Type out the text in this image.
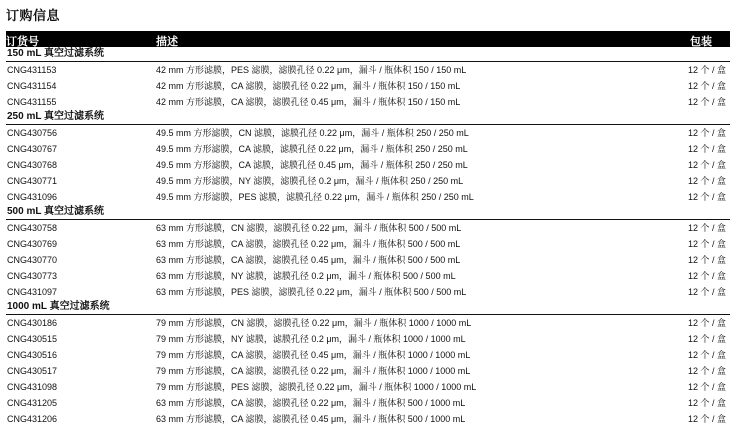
订购信息
订货号	描述	包装
150 mL 真空过滤系统
CNG431153	42 mm 方形滤膜，PES 滤膜，滤膜孔径 0.22 μm，漏斗 / 瓶体积 150 / 150 mL	12 个 / 盒
CNG431154	42 mm 方形滤膜，CA 滤膜，滤膜孔径 0.22 μm，漏斗 / 瓶体积 150 / 150 mL	12 个 / 盒
CNG431155	42 mm 方形滤膜，CA 滤膜，滤膜孔径 0.45 μm，漏斗 / 瓶体积 150 / 150 mL	12 个 / 盒
250 mL 真空过滤系统
CNG430756	49.5 mm 方形滤膜，CN 滤膜，滤膜孔径 0.22 μm，漏斗 / 瓶体积 250 / 250 mL	12 个 / 盒
CNG430767	49.5 mm 方形滤膜，CA 滤膜，滤膜孔径 0.22 μm，漏斗 / 瓶体积 250 / 250 mL	12 个 / 盒
CNG430768	49.5 mm 方形滤膜，CA 滤膜，滤膜孔径 0.45 μm，漏斗 / 瓶体积 250 / 250 mL	12 个 / 盒
CNG430771	49.5 mm 方形滤膜，NY 滤膜，滤膜孔径 0.2 μm，漏斗 / 瓶体积 250 / 250 mL	12 个 / 盒
CNG431096	49.5 mm 方形滤膜，PES 滤膜，滤膜孔径 0.22 μm，漏斗 / 瓶体积 250 / 250 mL	12 个 / 盒
500 mL 真空过滤系统
CNG430758	63 mm 方形滤膜，CN 滤膜，滤膜孔径 0.22 μm，漏斗 / 瓶体积 500 / 500 mL	12 个 / 盒
CNG430769	63 mm 方形滤膜，CA 滤膜，滤膜孔径 0.22 μm，漏斗 / 瓶体积 500 / 500 mL	12 个 / 盒
CNG430770	63 mm 方形滤膜，CA 滤膜，滤膜孔径 0.45 μm，漏斗 / 瓶体积 500 / 500 mL	12 个 / 盒
CNG430773	63 mm 方形滤膜，NY 滤膜，滤膜孔径 0.2 μm，漏斗 / 瓶体积 500 / 500 mL	12 个 / 盒
CNG431097	63 mm 方形滤膜，PES 滤膜，滤膜孔径 0.22 μm，漏斗 / 瓶体积 500 / 500 mL	12 个 / 盒
1000 mL 真空过滤系统
CNG430186	79 mm 方形滤膜，CN 滤膜，滤膜孔径 0.22 μm，漏斗 / 瓶体积 1000 / 1000 mL	12 个 / 盒
CNG430515	79 mm 方形滤膜，NY 滤膜，滤膜孔径 0.2 μm，漏斗 / 瓶体积 1000 / 1000 mL	12 个 / 盒
CNG430516	79 mm 方形滤膜，CA 滤膜，滤膜孔径 0.45 μm，漏斗 / 瓶体积 1000 / 1000 mL	12 个 / 盒
CNG430517	79 mm 方形滤膜，CA 滤膜，滤膜孔径 0.22 μm，漏斗 / 瓶体积 1000 / 1000 mL	12 个 / 盒
CNG431098	79 mm 方形滤膜，PES 滤膜，滤膜孔径 0.22 μm，漏斗 / 瓶体积 1000 / 1000 mL	12 个 / 盒
CNG431205	63 mm 方形滤膜，CA 滤膜，滤膜孔径 0.22 μm，漏斗 / 瓶体积 500 / 1000 mL	12 个 / 盒
CNG431206	63 mm 方形滤膜，CA 滤膜，滤膜孔径 0.45 μm，漏斗 / 瓶体积 500 / 1000 mL	12 个 / 盒
